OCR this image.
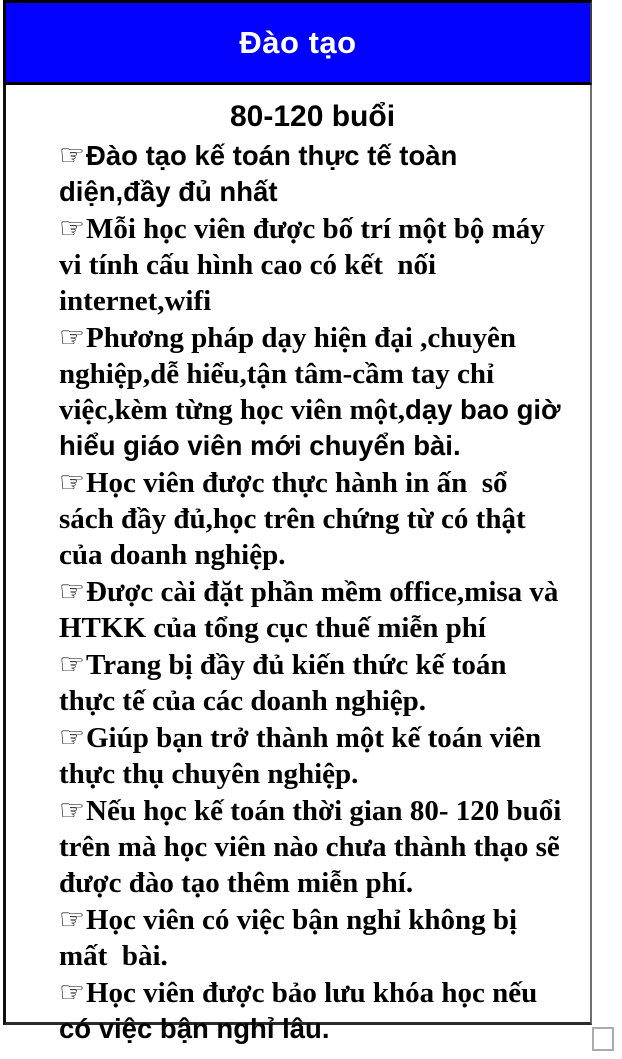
Đào tạo

80-120 buổi

☞Đào tạo kế toán thực tế toàn diện,đầy đủ nhất

☞Mỗi học viên được bố trí một bộ máy vi tính cấu hình cao có kết  nối internet,wifi

☞Phương pháp dạy hiện đại ,chuyên nghiệp,dễ hiểu,tận tâm-cầm tay chỉ việc,kèm từng học viên một,dạy bao giờ hiểu giáo viên mới chuyển bài.

☞Học viên được thực hành in ấn  sổ sách đầy đủ,học trên chứng từ có thật của doanh nghiệp.

☞Được cài đặt phần mềm office,misa và HTKK của tổng cục thuế miễn phí

☞Trang bị đầy đủ kiến thức kế toán thực tế của các doanh nghiệp.

☞Giúp bạn trở thành một kế toán viên thực thụ chuyên nghiệp.

☞Nếu học kế toán thời gian 80- 120 buổi trên mà học viên nào chưa thành thạo sẽ được đào tạo thêm miễn phí.

☞Học viên có việc bận nghỉ không bị mất  bài.

☞Học viên được bảo lưu khóa học nếu có việc bận nghỉ lâu.
